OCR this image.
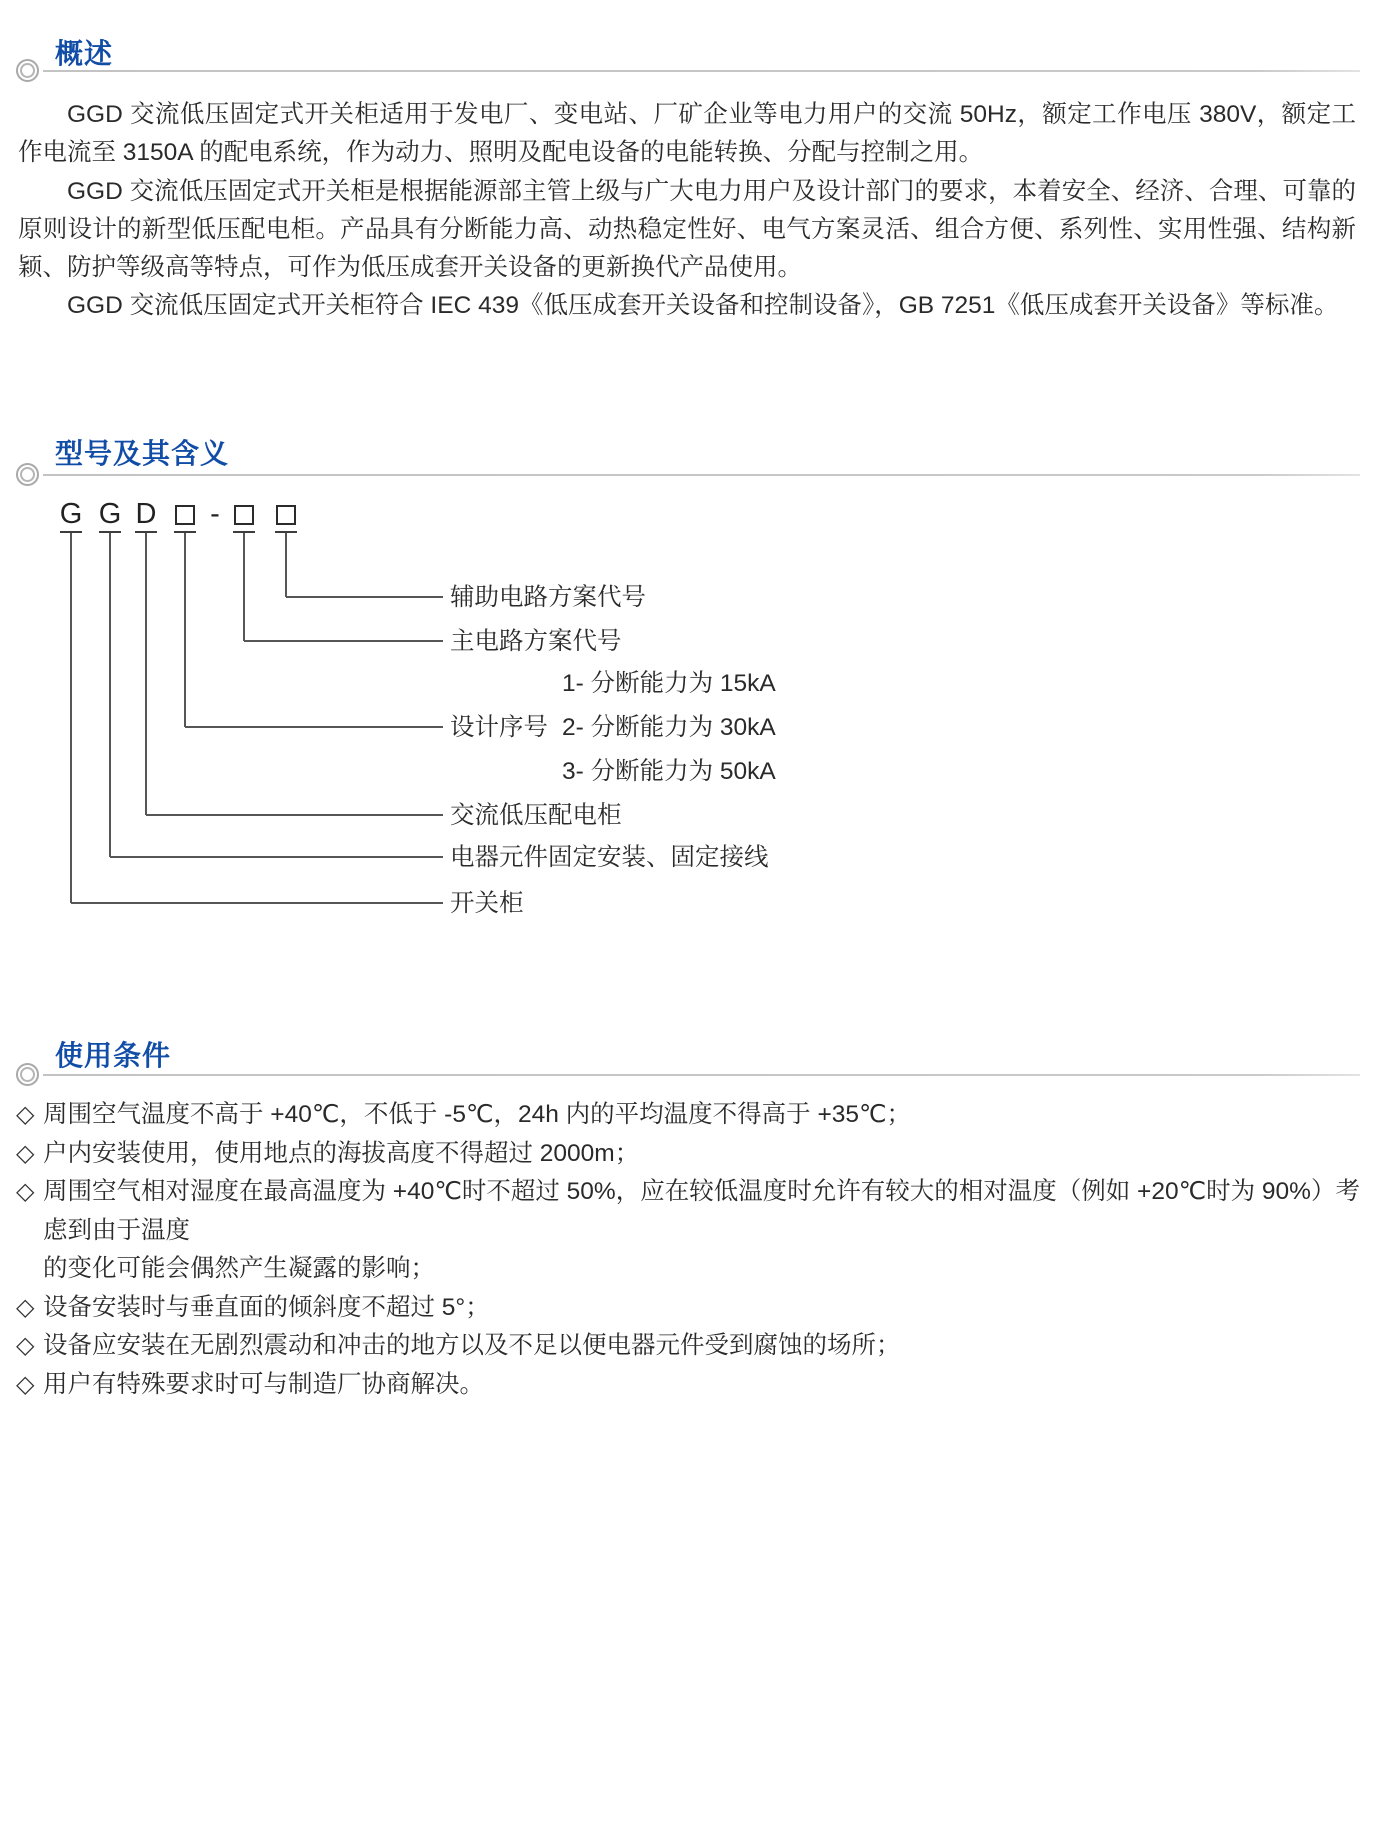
概述

GGD 交流低压固定式开关柜适用于发电厂、变电站、厂矿企业等电力用户的交流 50Hz，额定工作电压 380V，额定工作电流至 3150A 的配电系统，作为动力、照明及配电设备的电能转换、分配与控制之用。

GGD 交流低压固定式开关柜是根据能源部主管上级与广大电力用户及设计部门的要求，本着安全、经济、合理、可靠的原则设计的新型低压配电柜。产品具有分断能力高、动热稳定性好、电气方案灵活、组合方便、系列性、实用性强、结构新颖、防护等级高等特点，可作为低压成套开关设备的更新换代产品使用。

GGD 交流低压固定式开关柜符合 IEC 439《低压成套开关设备和控制设备》，GB 7251《低压成套开关设备》等标准。

型号及其含义
G G D -
辅助电路方案代号
主电路方案代号
1- 分断能力为 15kA
设计序号 2- 分断能力为 30kA
3- 分断能力为 50kA
交流低压配电柜
电器元件固定安装、固定接线
开关柜
使用条件
◇ 周围空气温度不高于 +40℃，不低于 -5℃，24h 内的平均温度不得高于 +35℃；
◇ 户内安装使用，使用地点的海拔高度不得超过 2000m；
◇ 周围空气相对湿度在最高温度为 +40℃时不超过 50%，应在较低温度时允许有较大的相对温度（例如 +20℃时为 90%）考虑到由于温度
的变化可能会偶然产生凝露的影响；
◇ 设备安装时与垂直面的倾斜度不超过 5°；
◇ 设备应安装在无剧烈震动和冲击的地方以及不足以便电器元件受到腐蚀的场所；
◇ 用户有特殊要求时可与制造厂协商解决。
